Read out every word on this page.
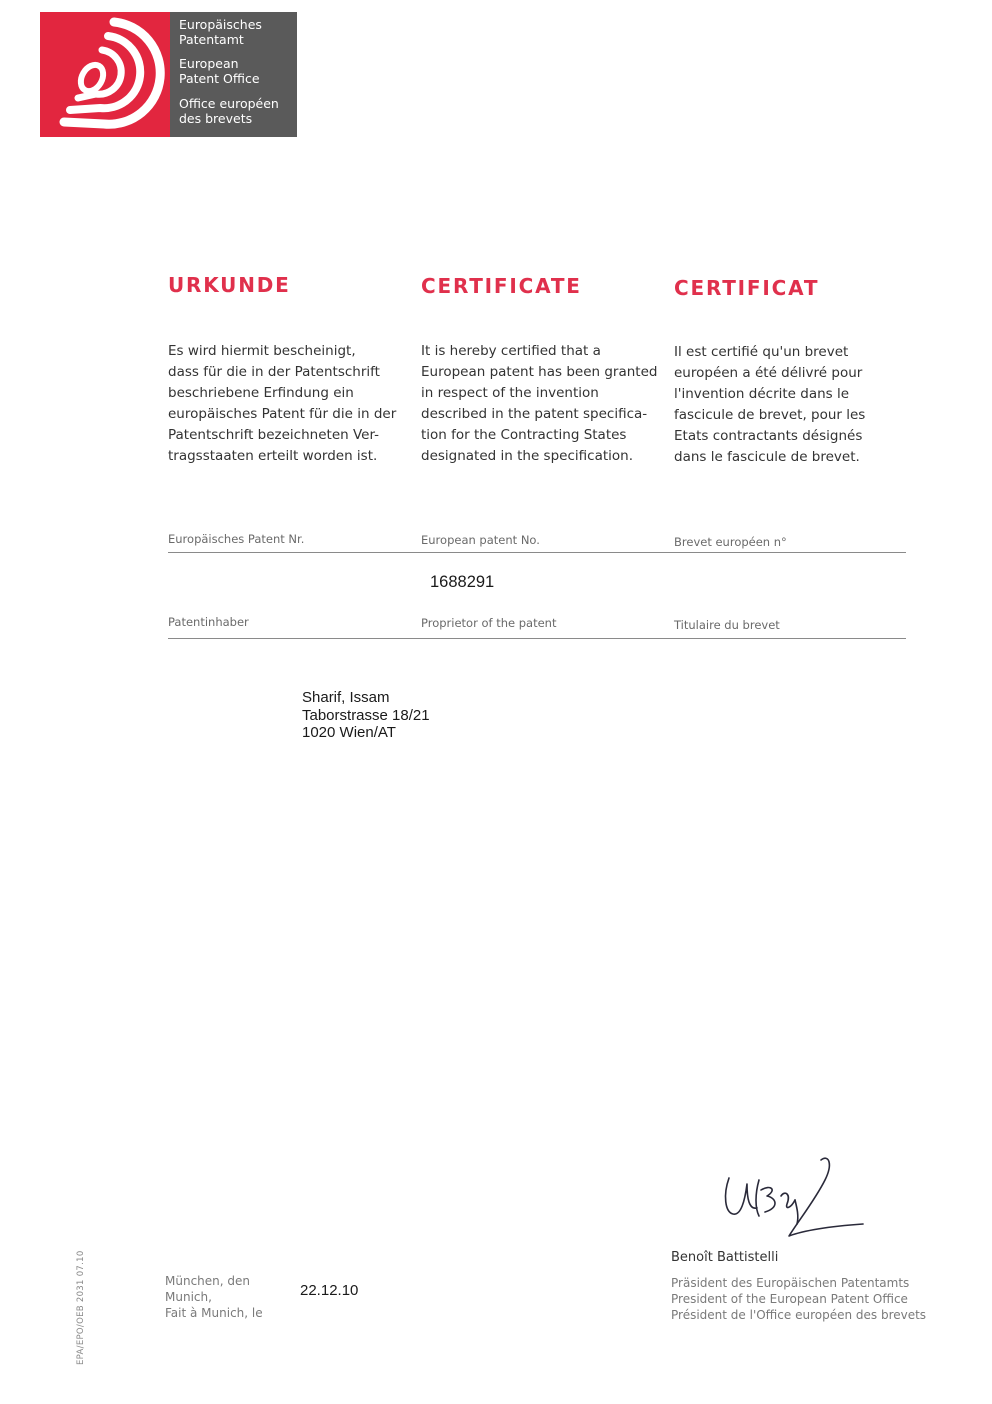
Europäisches
Patentamt
European
Patent Office
Office européen
des brevets
URKUNDE	CERTIFICATE	CERTIFICAT
Es wird hiermit bescheinigt,
dass für die in der Patentschrift
beschriebene Erfindung ein
europäisches Patent für die in der
Patentschrift bezeichneten Ver-
tragsstaaten erteilt worden ist.
It is hereby certified that a
European patent has been granted
in respect of the invention
described in the patent specifica-
tion for the Contracting States
designated in the specification.
Il est certifié qu'un brevet
européen a été délivré pour
l'invention décrite dans le
fascicule de brevet, pour les
Etats contractants désignés
dans le fascicule de brevet.
Europäisches Patent Nr.	European patent No.	Brevet européen n°
1688291
Patentinhaber	Proprietor of the patent	Titulaire du brevet
Sharif, Issam
Taborstrasse 18/21
1020 Wien/AT
Benoît Battistelli
Präsident des Europäischen Patentamts
President of the European Patent Office
Président de l'Office européen des brevets
München, den
Munich,
Fait à Munich, le
22.12.10
EPA/EPO/OEB 2031 07.10
